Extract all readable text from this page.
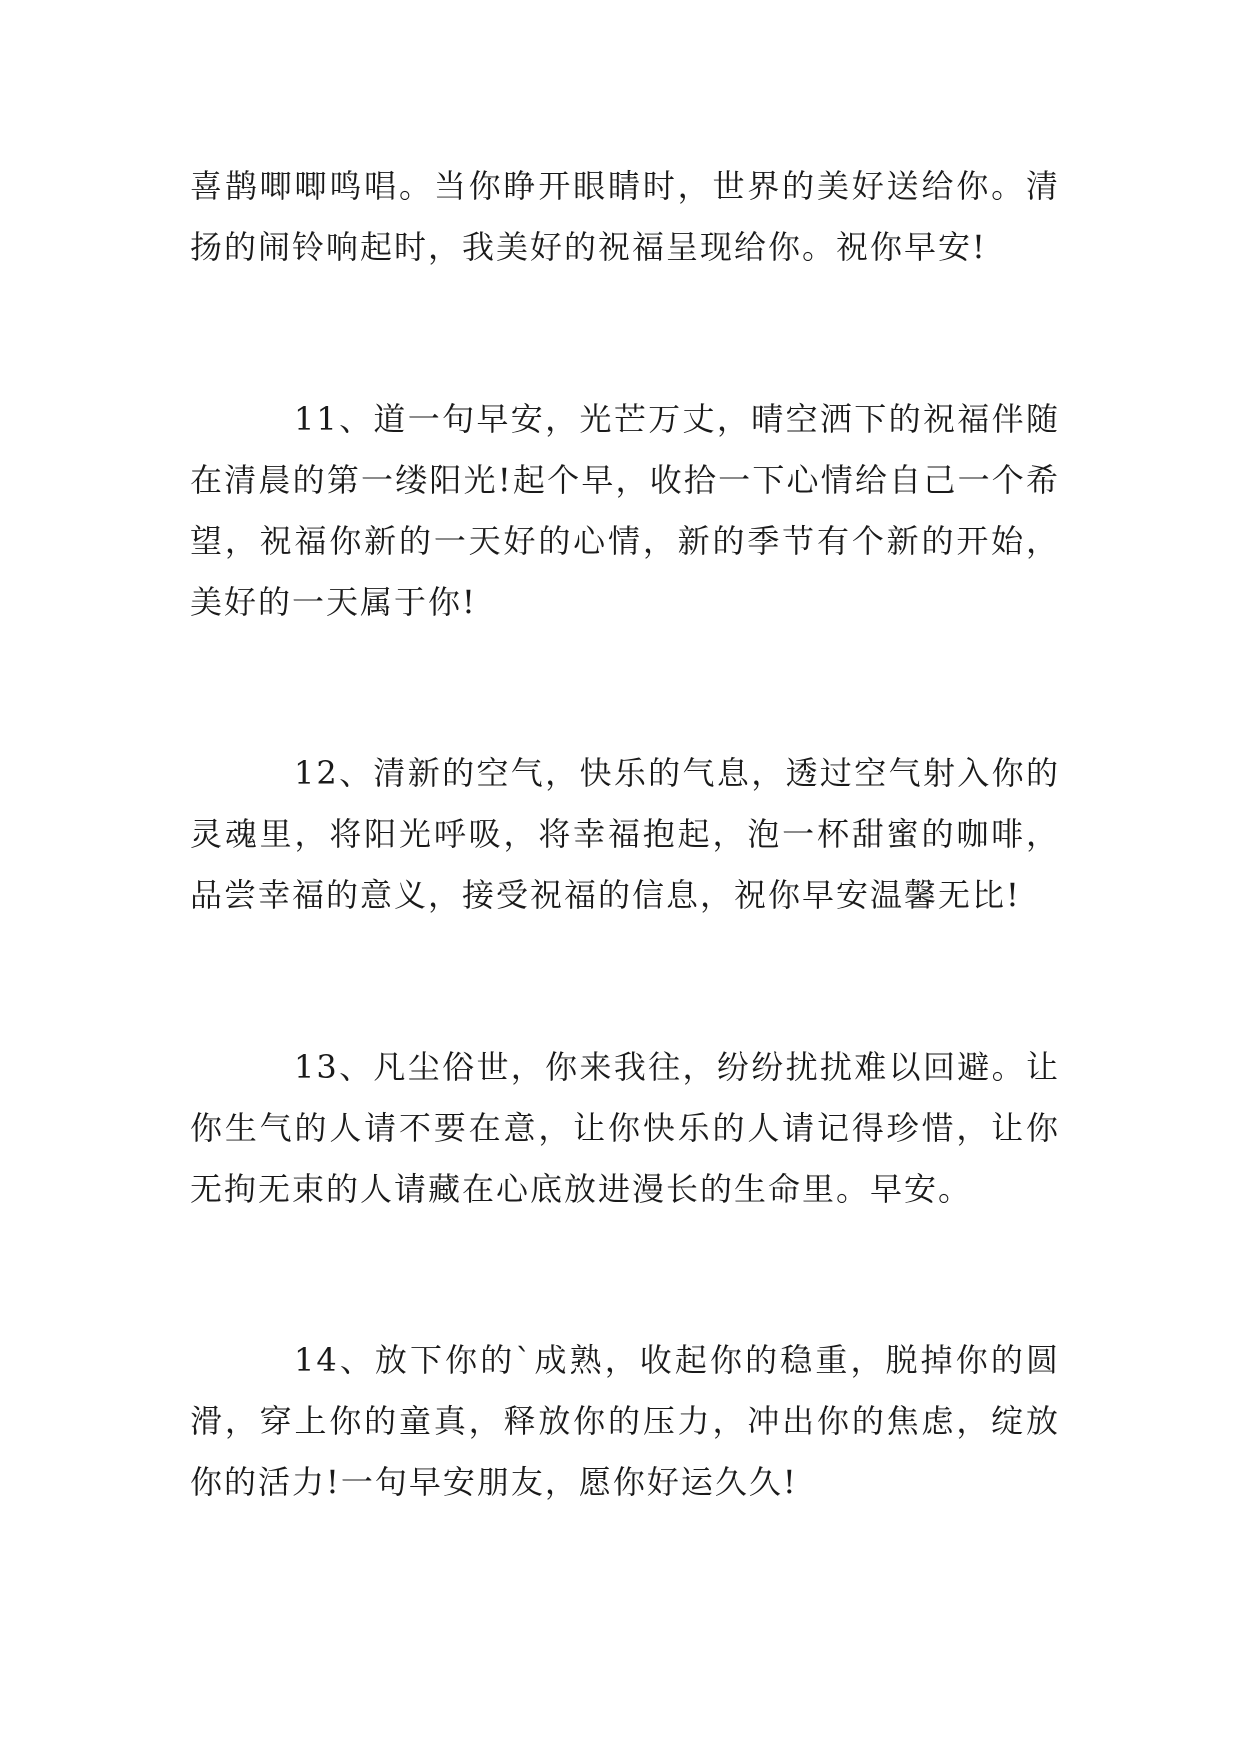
喜鹊唧唧鸣唱。当你睁开眼睛时，世界的美好送给你。清扬的闹铃响起时，我美好的祝福呈现给你。祝你早安!

11、道一句早安，光芒万丈，晴空洒下的祝福伴随在清晨的第一缕阳光!起个早，收拾一下心情给自己一个希望，祝福你新的一天好的心情，新的季节有个新的开始，美好的一天属于你!

12、清新的空气，快乐的气息，透过空气射入你的灵魂里，将阳光呼吸，将幸福抱起，泡一杯甜蜜的咖啡，品尝幸福的意义，接受祝福的信息，祝你早安温馨无比!

13、凡尘俗世，你来我往，纷纷扰扰难以回避。让你生气的人请不要在意，让你快乐的人请记得珍惜，让你无拘无束的人请藏在心底放进漫长的生命里。早安。

14、放下你的`成熟，收起你的稳重，脱掉你的圆滑，穿上你的童真，释放你的压力，冲出你的焦虑，绽放你的活力!一句早安朋友，愿你好运久久!
